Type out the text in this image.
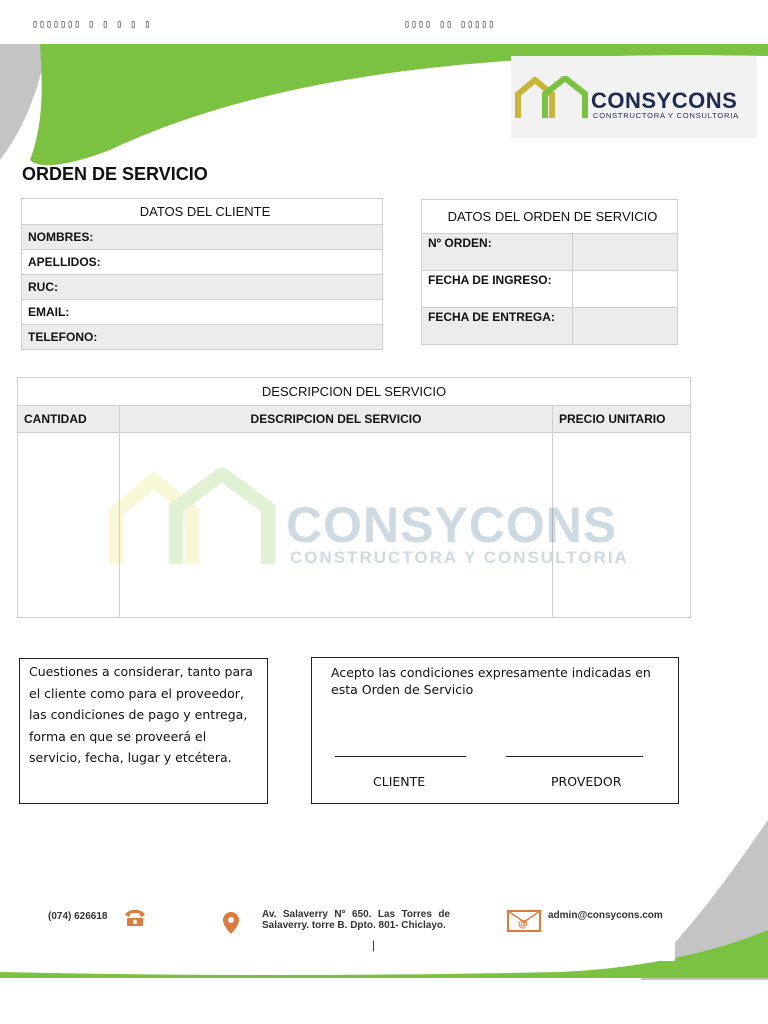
▯▯▯▯▯▯▯ ▯ ▯ ▯ ▯ ▯	▯▯▯▯ ▯▯ ▯▯▯▯▯
CONSYCONS
CONSTRUCTORA Y CONSULTORIA
ORDEN DE SERVICIO
DATOS DEL CLIENTE
NOMBRES:
APELLIDOS:
RUC:
EMAIL:
TELEFONO:
DATOS DEL ORDEN DE SERVICIO	
Nº ORDEN:	
FECHA DE INGRESO:	
FECHA DE ENTREGA:	
DESCRIPCION DEL SERVICIO		
CANTIDAD	DESCRIPCION DEL SERVICIO	PRECIO UNITARIO

CONSYCONS
CONSTRUCTORA Y CONSULTORIA

Cuestiones a considerar, tanto para el cliente como para el proveedor, las condiciones de pago y entrega, forma en que se proveerá el servicio, fecha, lugar y etcétera.

Acepto las condiciones expresamente indicadas en esta Orden de Servicio

CLIENTE	PROVEDOR
(074) 626618	Av. Salaverry N° 650. Las Torres de Salaverry. torre B. Dpto. 801- Chiclayo.	@
admin@consycons.com
|
